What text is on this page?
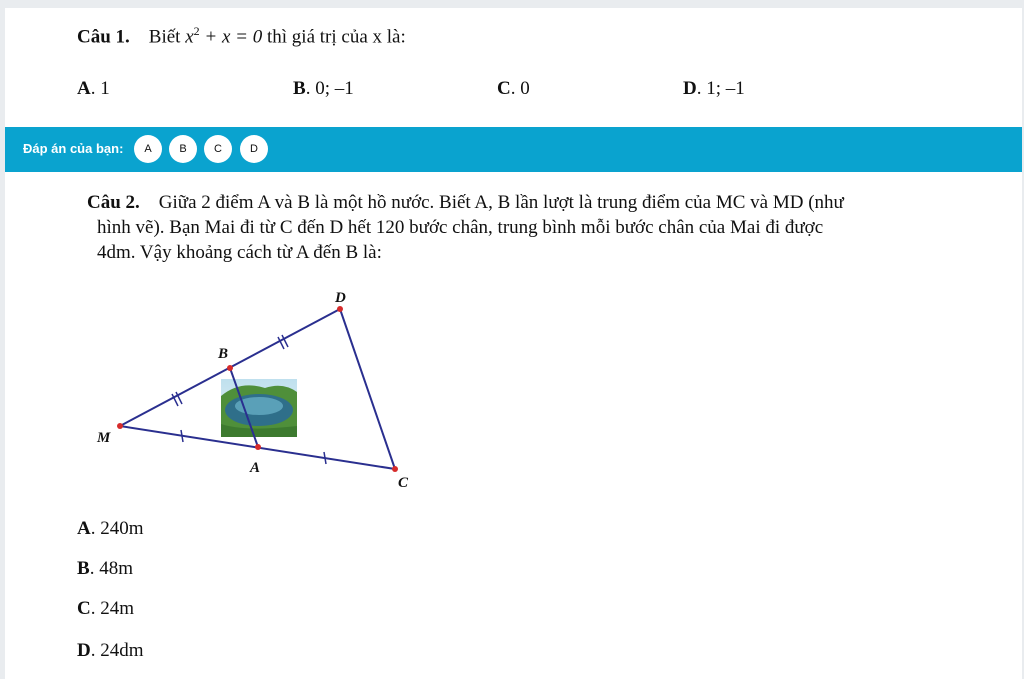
Câu 1. Biết $x^2 + x = 0$ thì giá trị của x là:
A. 1	B. 0; –1	C. 0	D. 1; –1
Đáp án của bạn:	A	B	C	D
Câu 2. Giữa 2 điểm A và B là một hồ nước. Biết A, B lần lượt là trung điểm của MC và MD (như
hình vẽ). Bạn Mai đi từ C đến D hết 120 bước chân, trung bình mỗi bước chân của Mai đi được
4dm. Vậy khoảng cách từ A đến B là:
D
B
M
A
C
A. 240m
B. 48m
C. 24m
D. 24dm
